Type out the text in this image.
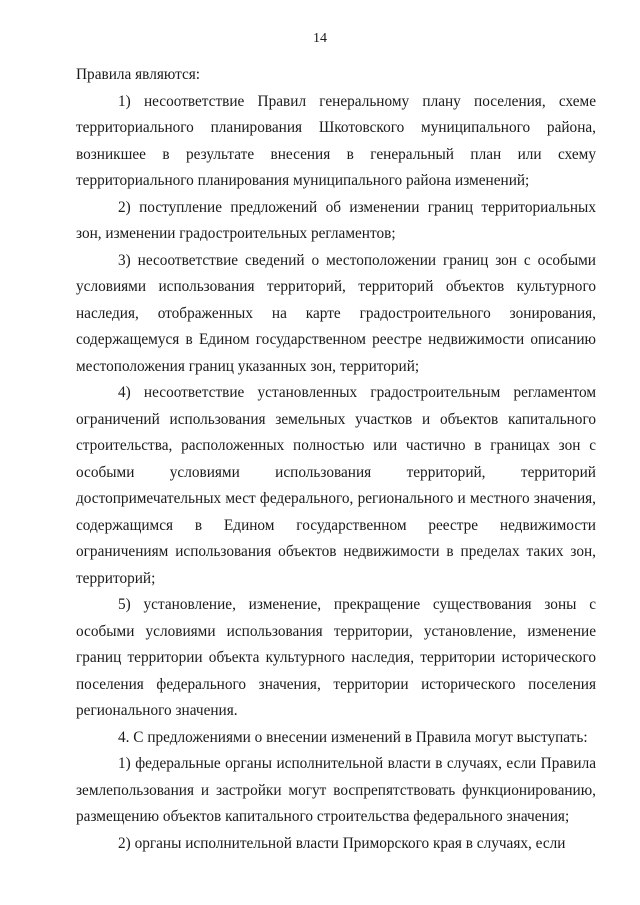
14

Правила являются:

1) несоответствие Правил генеральному плану поселения, схеме территориального планирования Шкотовского муниципального района, возникшее в результате внесения в генеральный план или схему территориального планирования муниципального района изменений;

2) поступление предложений об изменении границ территориальных зон, изменении градостроительных регламентов;

3) несоответствие сведений о местоположении границ зон с особыми условиями использования территорий, территорий объектов культурного наследия, отображенных на карте градостроительного зонирования, содержащемуся в Едином государственном реестре недвижимости описанию местоположения границ указанных зон, территорий;

4) несоответствие установленных градостроительным регламентом ограничений использования земельных участков и объектов капитального строительства, расположенных полностью или частично в границах зон с особыми условиями использования территорий, территорий достопримечательных мест федерального, регионального и местного значения, содержащимся в Едином государственном реестре недвижимости ограничениям использования объектов недвижимости в пределах таких зон, территорий;

5) установление, изменение, прекращение существования зоны с особыми условиями использования территории, установление, изменение границ территории объекта культурного наследия, территории исторического поселения федерального значения, территории исторического поселения регионального значения.

4. С предложениями о внесении изменений в Правила могут выступать:

1) федеральные органы исполнительной власти в случаях, если Правила землепользования и застройки могут воспрепятствовать функционированию, размещению объектов капитального строительства федерального значения;

2) органы исполнительной власти Приморского края в случаях, если
